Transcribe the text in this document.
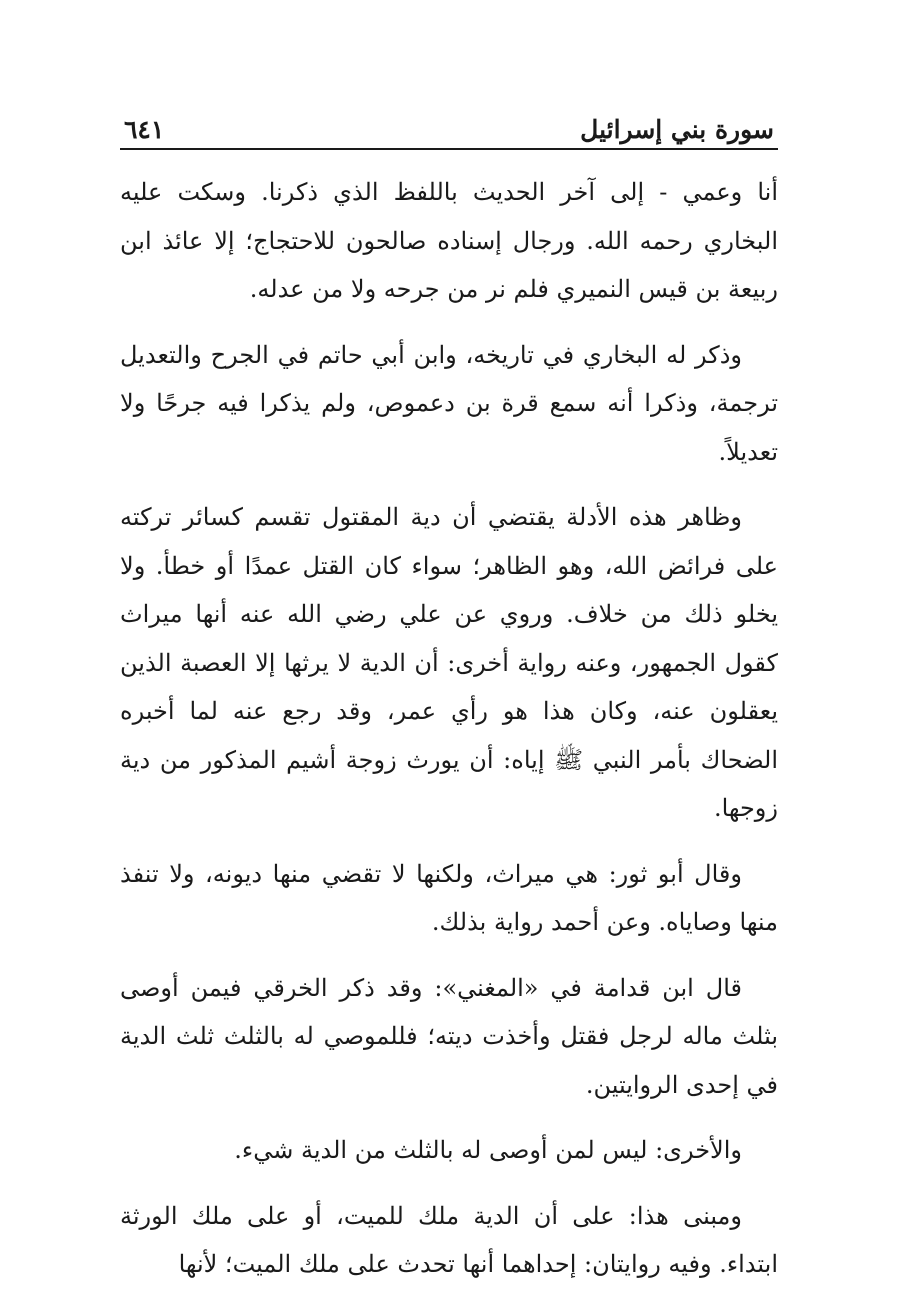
سورة بني إسرائيل
٦٤١

أنا وعمي - إلى آخر الحديث باللفظ الذي ذكرنا. وسكت عليه البخاري رحمه الله. ورجال إسناده صالحون للاحتجاج؛ إلا عائذ ابن ربيعة بن قيس النميري فلم نر من جرحه ولا من عدله.

وذكر له البخاري في تاريخه، وابن أبي حاتم في الجرح والتعديل ترجمة، وذكرا أنه سمع قرة بن دعموص، ولم يذكرا فيه جرحًا ولا تعديلاً.

وظاهر هذه الأدلة يقتضي أن دية المقتول تقسم كسائر تركته على فرائض الله، وهو الظاهر؛ سواء كان القتل عمدًا أو خطأ. ولا يخلو ذلك من خلاف. وروي عن علي رضي الله عنه أنها ميراث كقول الجمهور، وعنه رواية أخرى: أن الدية لا يرثها إلا العصبة الذين يعقلون عنه، وكان هذا هو رأي عمر، وقد رجع عنه لما أخبره الضحاك بأمر النبي ﷺ إياه: أن يورث زوجة أشيم المذكور من دية زوجها.

وقال أبو ثور: هي ميراث، ولكنها لا تقضي منها ديونه، ولا تنفذ منها وصاياه. وعن أحمد رواية بذلك.

قال ابن قدامة في «المغني»: وقد ذكر الخرقي فيمن أوصى بثلث ماله لرجل فقتل وأخذت ديته؛ فللموصي له بالثلث ثلث الدية في إحدى الروايتين.

والأخرى: ليس لمن أوصى له بالثلث من الدية شيء.

ومبنى هذا: على أن الدية ملك للميت، أو على ملك الورثة ابتداء. وفيه روايتان: إحداهما أنها تحدث على ملك الميت؛ لأنها
